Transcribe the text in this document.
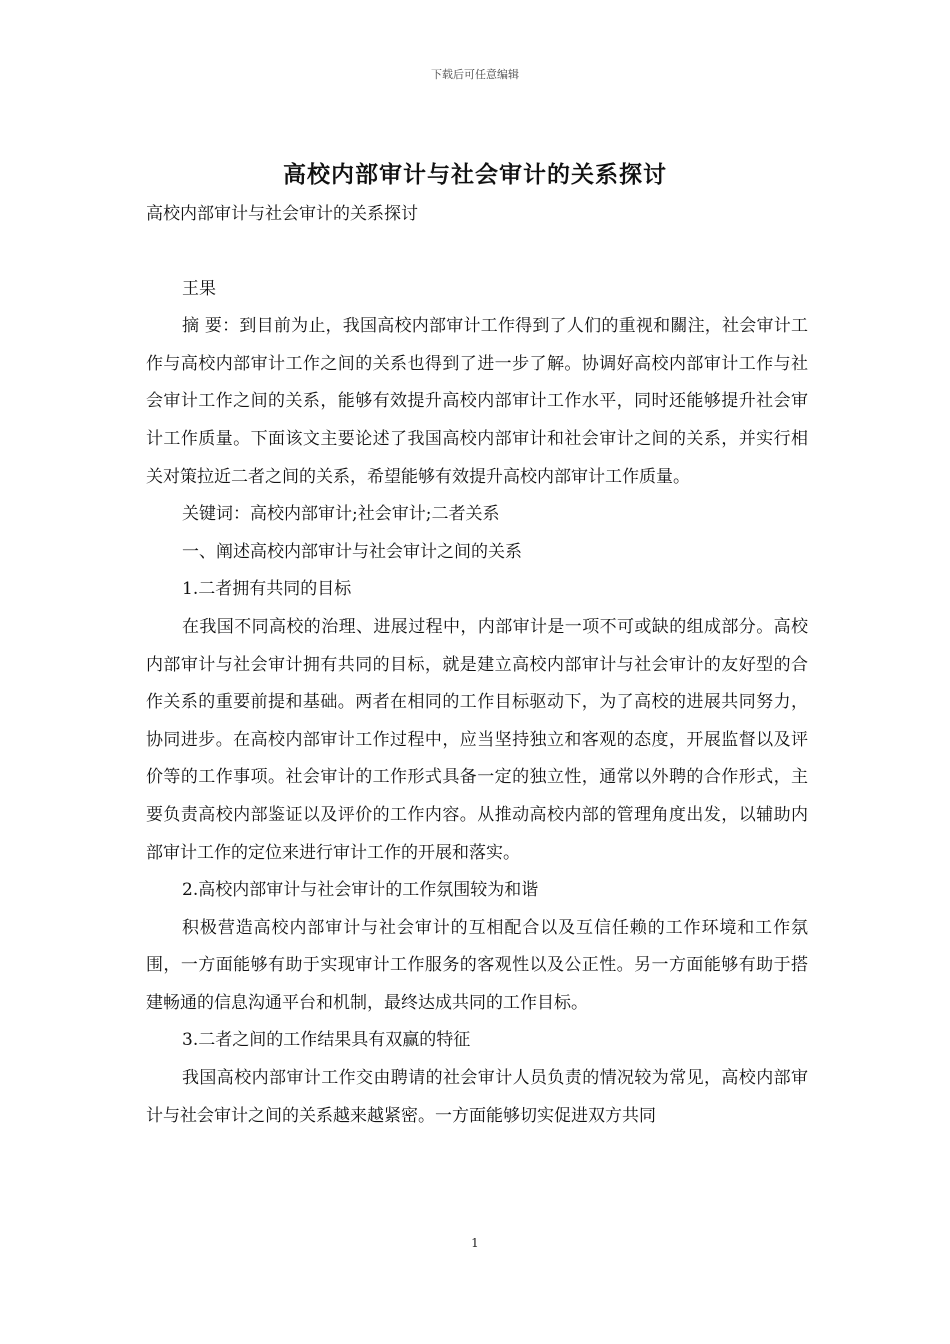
下载后可任意编辑
高校内部审计与社会审计的关系探讨

高校内部审计与社会审计的关系探讨

王果

摘 要：到目前为止，我国高校内部审计工作得到了人们的重视和關注，社会审计工作与高校内部审计工作之间的关系也得到了进一步了解。协调好高校内部审计工作与社会审计工作之间的关系，能够有效提升高校内部审计工作水平，同时还能够提升社会审计工作质量。下面该文主要论述了我国高校内部审计和社会审计之间的关系，并实行相关对策拉近二者之间的关系，希望能够有效提升高校内部审计工作质量。

关键词：高校内部审计;社会审计;二者关系

一、阐述高校内部审计与社会审计之间的关系

1.二者拥有共同的目标

在我国不同高校的治理、进展过程中，内部审计是一项不可或缺的组成部分。高校内部审计与社会审计拥有共同的目标，就是建立高校内部审计与社会审计的友好型的合作关系的重要前提和基础。两者在相同的工作目标驱动下，为了高校的进展共同努力，协同进步。在高校内部审计工作过程中，应当坚持独立和客观的态度，开展监督以及评价等的工作事项。社会审计的工作形式具备一定的独立性，通常以外聘的合作形式，主要负责高校内部鉴证以及评价的工作内容。从推动高校内部的管理角度出发，以辅助内部审计工作的定位来进行审计工作的开展和落实。

2.高校内部审计与社会审计的工作氛围较为和谐

积极营造高校内部审计与社会审计的互相配合以及互信任赖的工作环境和工作氛围，一方面能够有助于实现审计工作服务的客观性以及公正性。另一方面能够有助于搭建畅通的信息沟通平台和机制，最终达成共同的工作目标。

3.二者之间的工作结果具有双赢的特征

我国高校内部审计工作交由聘请的社会审计人员负责的情况较为常见，高校内部审计与社会审计之间的关系越来越紧密。一方面能够切实促进双方共同

1
